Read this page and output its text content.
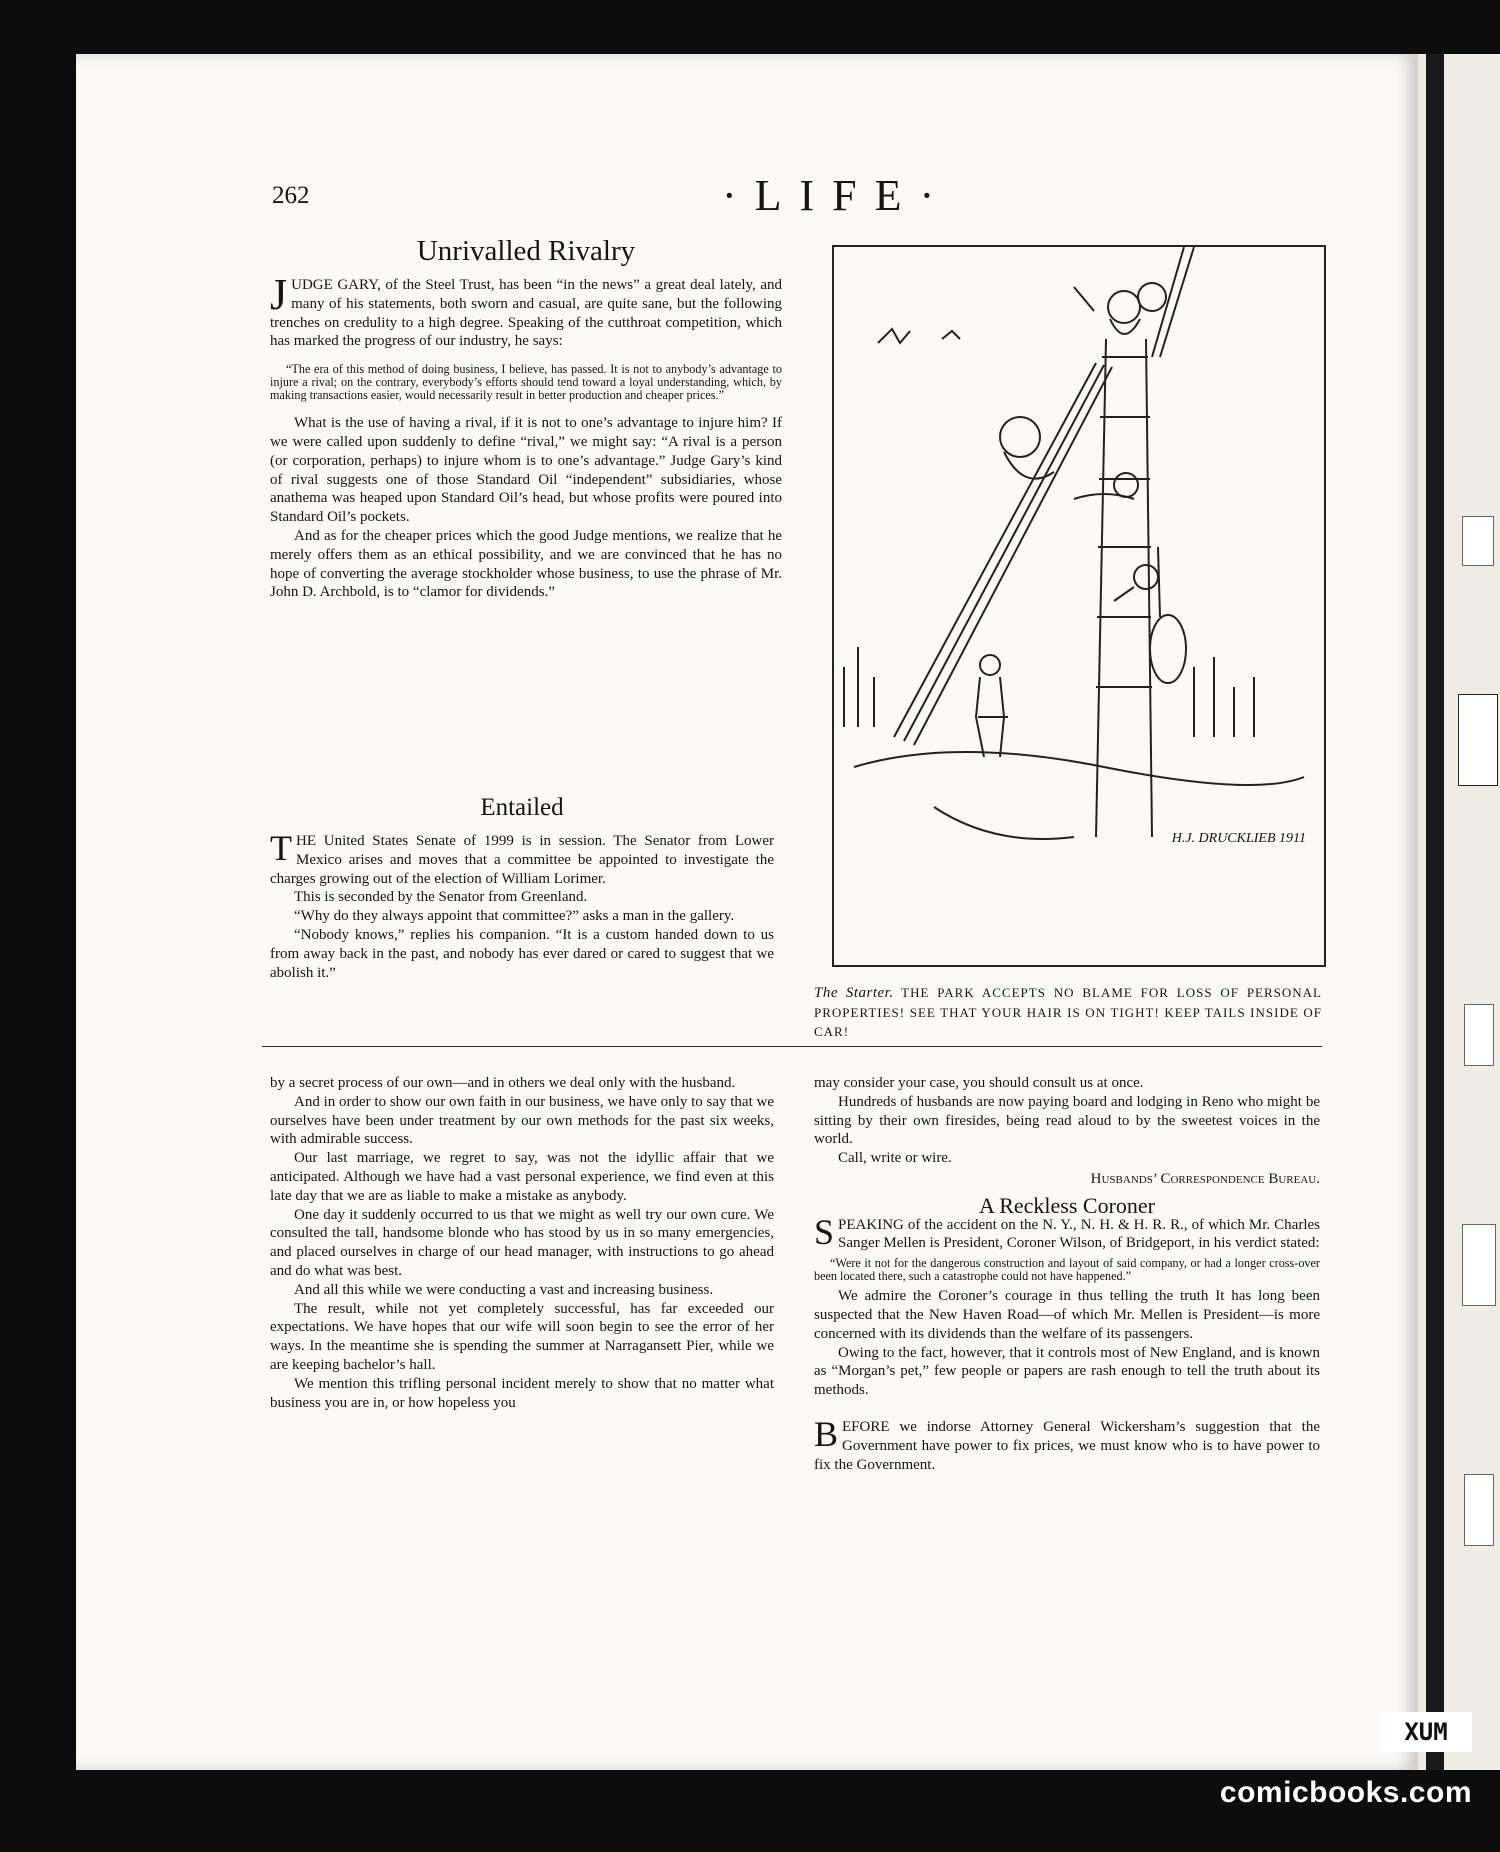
262	·LIFE·
Unrivalled Rivalry

JUDGE GARY, of the Steel Trust, has been “in the news” a great deal lately, and many of his statements, both sworn and casual, are quite sane, but the following trenches on credulity to a high degree. Speaking of the cutthroat competition, which has marked the progress of our industry, he says:

“The era of this method of doing business, I believe, has passed. It is not to anybody’s advantage to injure a rival; on the contrary, everybody’s efforts should tend toward a loyal understanding, which, by making transactions easier, would necessarily result in better production and cheaper prices.”

What is the use of having a rival, if it is not to one’s advantage to injure him? If we were called upon suddenly to define “rival,” we might say: “A rival is a person (or corporation, perhaps) to injure whom is to one’s advantage.” Judge Gary’s kind of rival suggests one of those Standard Oil “independent” subsidiaries, whose anathema was heaped upon Standard Oil’s head, but whose profits were poured into Standard Oil’s pockets.

And as for the cheaper prices which the good Judge mentions, we realize that he merely offers them as an ethical possibility, and we are convinced that he has no hope of converting the average stockholder whose business, to use the phrase of Mr. John D. Archbold, is to “clamor for dividends.”

Entailed

THE United States Senate of 1999 is in session. The Senator from Lower Mexico arises and moves that a committee be appointed to investigate the charges growing out of the election of William Lorimer.

This is seconded by the Senator from Greenland.

“Why do they always appoint that committee?” asks a man in the gallery.

“Nobody knows,” replies his companion. “It is a custom handed down to us from away back in the past, and nobody has ever dared or cared to suggest that we abolish it.”

H.J. DRUCKLIEB 1911
The Starter. THE PARK ACCEPTS NO BLAME FOR LOSS OF PERSONAL PROPERTIES! SEE THAT YOUR HAIR IS ON TIGHT! KEEP TAILS INSIDE OF CAR!

by a secret process of our own—and in others we deal only with the husband.

And in order to show our own faith in our business, we have only to say that we ourselves have been under treatment by our own methods for the past six weeks, with admirable success.

Our last marriage, we regret to say, was not the idyllic affair that we anticipated. Although we have had a vast personal experience, we find even at this late day that we are as liable to make a mistake as anybody.

One day it suddenly occurred to us that we might as well try our own cure. We consulted the tall, handsome blonde who has stood by us in so many emergencies, and placed ourselves in charge of our head manager, with instructions to go ahead and do what was best.

And all this while we were conducting a vast and increasing business.

The result, while not yet completely successful, has far exceeded our expectations. We have hopes that our wife will soon begin to see the error of her ways. In the meantime she is spending the summer at Narragansett Pier, while we are keeping bachelor’s hall.

We mention this trifling personal incident merely to show that no matter what business you are in, or how hopeless you

may consider your case, you should consult us at once.

Hundreds of husbands are now paying board and lodging in Reno who might be sitting by their own firesides, being read aloud to by the sweetest voices in the world.

Call, write or wire.

Husbands’ Correspondence Bureau.
A Reckless Coroner

SPEAKING of the accident on the N. Y., N. H. & H. R. R., of which Mr. Charles Sanger Mellen is President, Coroner Wilson, of Bridgeport, in his verdict stated:

“Were it not for the dangerous construction and layout of said company, or had a longer cross-over been located there, such a catastrophe could not have happened.”

We admire the Coroner’s courage in thus telling the truth It has long been suspected that the New Haven Road—of which Mr. Mellen is President—is more concerned with its dividends than the welfare of its passengers.

Owing to the fact, however, that it controls most of New England, and is known as “Morgan’s pet,” few people or papers are rash enough to tell the truth about its methods.

BEFORE we indorse Attorney General Wickersham’s suggestion that the Government have power to fix prices, we must know who is to have power to fix the Government.

XUM
comicbooks.com
